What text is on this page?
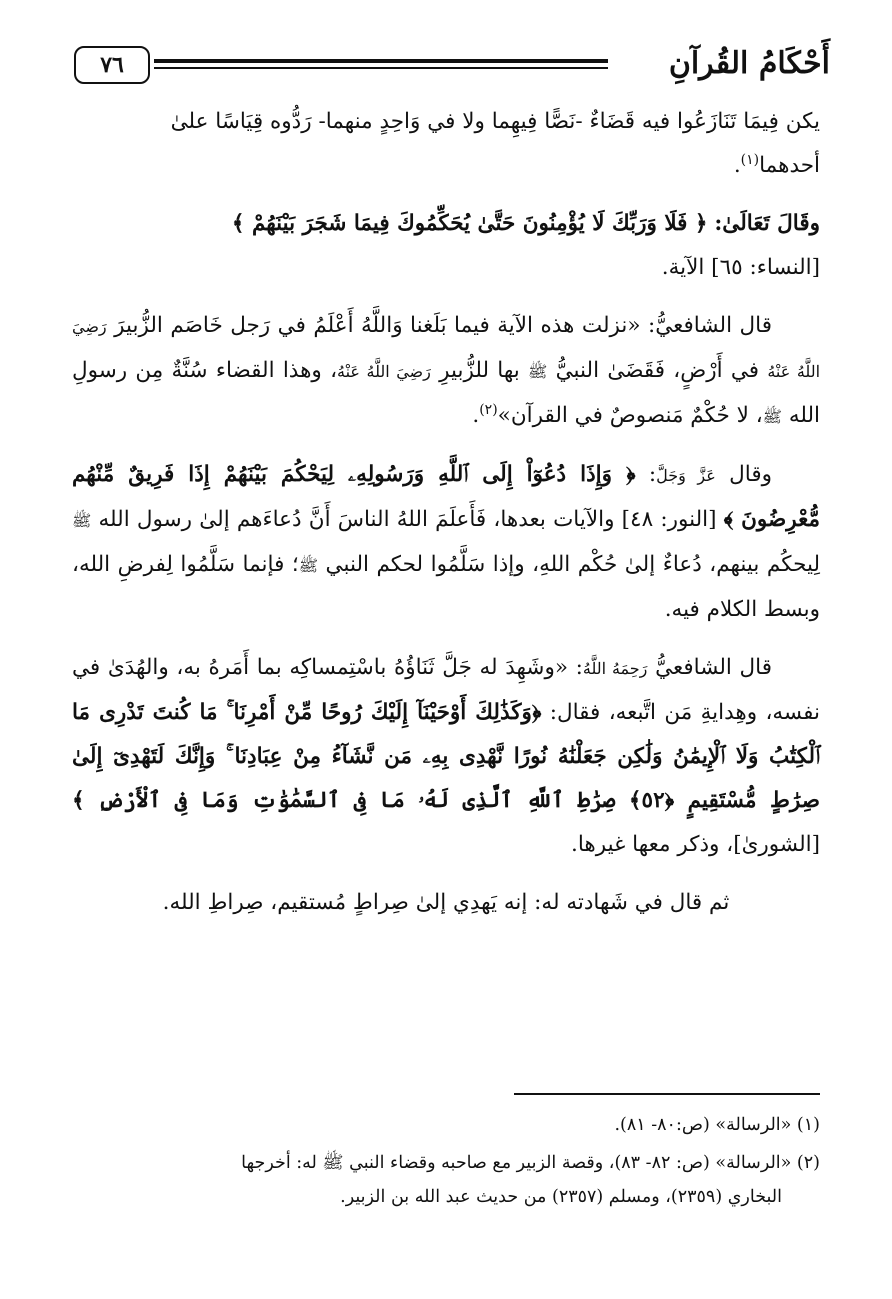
أَحْكَامُ القُرآنِ
٧٦

يكن فِيمَا تَنَازَعُوا فيه قَضَاءٌ -نَصًّا فِيهِما ولا في وَاحِدٍ منهما- رَدُّوه قِيَاسًا علىٰ
أحدهما$^{(١)}$.

وقَالَ تَعَالَىٰ: ﴿ فَلَا وَرَبِّكَ لَا يُؤْمِنُونَ حَتَّىٰ يُحَكِّمُوكَ فِيمَا شَجَرَ بَيْنَهُمْ ﴾
[النساء: ٦٥] الآية.

قال الشافعيُّ: «نزلت هذه الآية فيما بَلَغنا وَاللَّهُ أَعْلَمُ في رَجل خَاصَم الزُّبيرَ رَضِيَ اللَّهُ عَنْهُ في أَرْضٍ، فَقَضَىٰ النبيُّ ﷺ بها للزُّبيرِ رَضِيَ اللَّهُ عَنْهُ، وهذا القضاء سُنَّةٌ مِن رسولِ الله ﷺ، لا حُكْمٌ مَنصوصٌ في القرآن»$^{(٢)}$.

وقال عَزَّ وَجَلَّ: ﴿ وَإِذَا دُعُوٓاْ إِلَى ٱللَّهِ وَرَسُولِهِۦ لِيَحْكُمَ بَيْنَهُمْ إِذَا فَرِيقٌ مِّنْهُم مُّعْرِضُونَ ﴾ [النور: ٤٨] والآيات بعدها، فَأَعلَمَ اللهُ الناسَ أَنَّ دُعاءَهم إلىٰ رسول الله ﷺ لِيحكُم بينهم، دُعاءٌ إلىٰ حُكْم اللهِ، وإذا سَلَّمُوا لحكم النبي ﷺ؛ فإنما سَلَّمُوا لِفرضِ الله، وبسط الكلام فيه.

قال الشافعيُّ رَحِمَهُ اللَّهُ: «وشَهِدَ له جَلَّ ثَنَاؤُهُ باسْتِمساكِه بما أَمَرهُ به، والهُدَىٰ في نفسه، وهِدايةِ مَن اتَّبعه، فقال: ﴿وَكَذَٰلِكَ أَوْحَيْنَآ إِلَيْكَ رُوحًا مِّنْ أَمْرِنَا ۚ مَا كُنتَ تَدْرِى مَا ٱلْكِتَٰبُ وَلَا ٱلْإِيمَٰنُ وَلَٰكِن جَعَلْنَٰهُ نُورًا نَّهْدِى بِهِۦ مَن نَّشَآءُ مِنْ عِبَادِنَا ۚ وَإِنَّكَ لَتَهْدِىٓ إِلَىٰ صِرَٰطٍ مُّسْتَقِيمٍ ﴿٥٢﴾ صِرَٰطِ ٱللَّهِ ٱلَّذِى لَهُۥ مَا فِى ٱلسَّمَٰوَٰتِ وَمَا فِى ٱلْأَرْضِ ﴾ [الشورىٰ]، وذكر معها غيرها.

ثم قال في شَهادته له: إنه يَهدِي إلىٰ صِراطٍ مُستقيم، صِراطِ الله.

(١) «الرسالة» (ص:٨٠- ٨١).

(٢) «الرسالة» (ص: ٨٢- ٨٣)، وقصة الزبير مع صاحبه وقضاء النبي ﷺ له: أخرجها
البخاري (٢٣٥٩)، ومسلم (٢٣٥٧) من حديث عبد الله بن الزبير.
